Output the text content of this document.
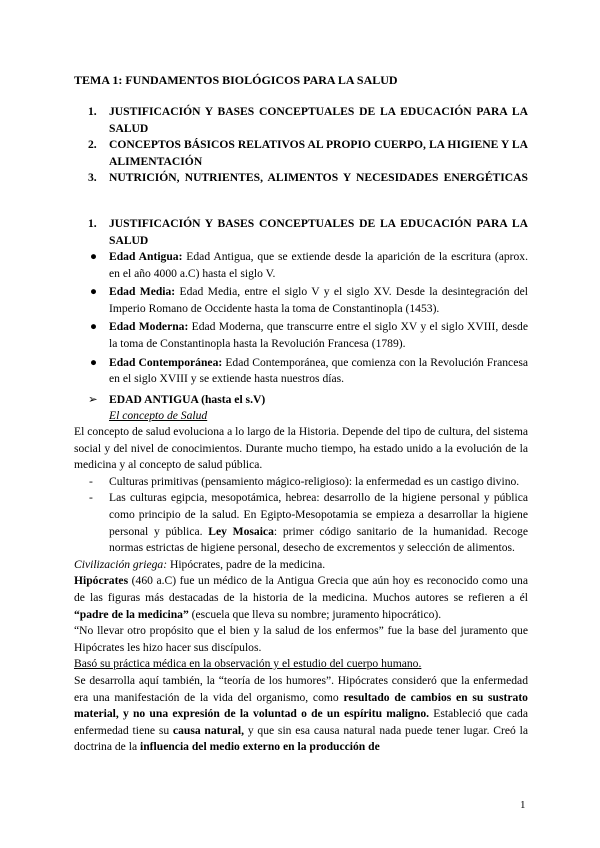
TEMA 1: FUNDAMENTOS BIOLÓGICOS PARA LA SALUD
1. JUSTIFICACIÓN Y BASES CONCEPTUALES DE LA EDUCACIÓN PARA LA SALUD
2. CONCEPTOS BÁSICOS RELATIVOS AL PROPIO CUERPO, LA HIGIENE Y LA ALIMENTACIÓN
3. NUTRICIÓN, NUTRIENTES, ALIMENTOS Y NECESIDADES ENERGÉTICAS
1. JUSTIFICACIÓN Y BASES CONCEPTUALES DE LA EDUCACIÓN PARA LA SALUD
● Edad Antigua: Edad Antigua, que se extiende desde la aparición de la escritura (aprox. en el año 4000 a.C) hasta el siglo V.
● Edad Media: Edad Media, entre el siglo V y el siglo XV. Desde la desintegración del Imperio Romano de Occidente hasta la toma de Constantinopla (1453).
● Edad Moderna: Edad Moderna, que transcurre entre el siglo XV y el siglo XVIII, desde la toma de Constantinopla hasta la Revolución Francesa (1789).
● Edad Contemporánea: Edad Contemporánea, que comienza con la Revolución Francesa en el siglo XVIII y se extiende hasta nuestros días.
➢ EDAD ANTIGUA (hasta el s.V)
El concepto de Salud

El concepto de salud evoluciona a lo largo de la Historia. Depende del tipo de cultura, del sistema social y del nivel de conocimientos. Durante mucho tiempo, ha estado unido a la evolución de la medicina y al concepto de salud pública.

- Culturas primitivas (pensamiento mágico-religioso): la enfermedad es un castigo divino.
- Las culturas egipcia, mesopotámica, hebrea: desarrollo de la higiene personal y pública como principio de la salud. En Egipto-Mesopotamia se empieza a desarrollar la higiene personal y pública. Ley Mosaica: primer código sanitario de la humanidad. Recoge normas estrictas de higiene personal, desecho de excrementos y selección de alimentos.

Civilización griega: Hipócrates, padre de la medicina.

Hipócrates (460 a.C) fue un médico de la Antigua Grecia que aún hoy es reconocido como una de las figuras más destacadas de la historia de la medicina. Muchos autores se refieren a él “padre de la medicina” (escuela que lleva su nombre; juramento hipocrático).

“No llevar otro propósito que el bien y la salud de los enfermos” fue la base del juramento que Hipócrates les hizo hacer sus discípulos.

Basó su práctica médica en la observación y el estudio del cuerpo humano.

Se desarrolla aquí también, la “teoría de los humores”. Hipócrates consideró que la enfermedad era una manifestación de la vida del organismo, como resultado de cambios en su sustrato material, y no una expresión de la voluntad o de un espíritu maligno. Estableció que cada enfermedad tiene su causa natural, y que sin esa causa natural nada puede tener lugar. Creó la doctrina de la influencia del medio externo en la producción de

1
